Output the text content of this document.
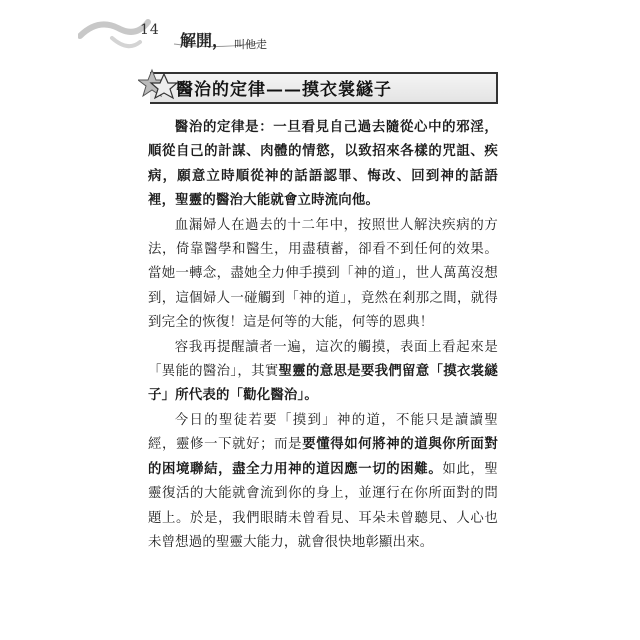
14
解開， 叫他走
醫治的定律——摸衣裳繸子

醫治的定律是：一旦看見自己過去隨從心中的邪淫，順從自己的計謀、肉體的情慾，以致招來各樣的咒詛、疾病，願意立時順從神的話語認罪、悔改、回到神的話語裡，聖靈的醫治大能就會立時流向他。

血漏婦人在過去的十二年中，按照世人解決疾病的方法，倚靠醫學和醫生，用盡積蓄，卻看不到任何的效果。當她一轉念，盡她全力伸手摸到「神的道」，世人萬萬沒想到，這個婦人一碰觸到「神的道」，竟然在剎那之間，就得到完全的恢復！這是何等的大能，何等的恩典！

容我再提醒讀者一遍，這次的觸摸，表面上看起來是「異能的醫治」，其實聖靈的意思是要我們留意「摸衣裳繸子」所代表的「勸化醫治」。

今日的聖徒若要「摸到」神的道，不能只是讀讀聖經，靈修一下就好；而是要懂得如何將神的道與你所面對的困境聯結，盡全力用神的道因應一切的困難。如此，聖靈復活的大能就會流到你的身上，並運行在你所面對的問題上。於是，我們眼睛未曾看見、耳朵未曾聽見、人心也未曾想過的聖靈大能力，就會很快地彰顯出來。
